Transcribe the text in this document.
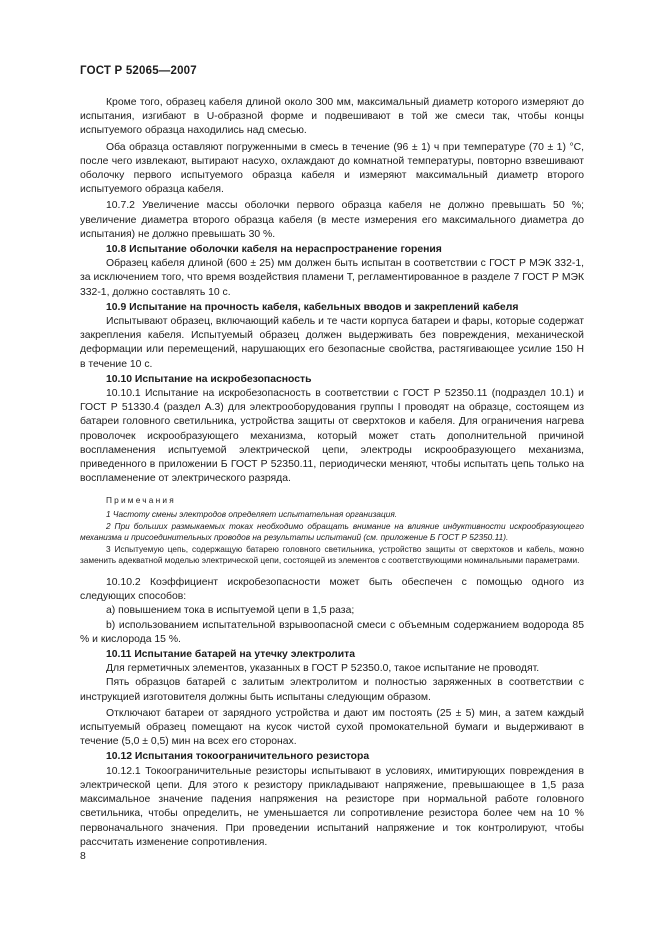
ГОСТ Р 52065—2007

Кроме того, образец кабеля длиной около 300 мм, максимальный диаметр которого измеряют до испытания, изгибают в U-образной форме и подвешивают в той же смеси так, чтобы концы испытуемого образца находились над смесью.

Оба образца оставляют погруженными в смесь в течение (96 ± 1) ч при температуре (70 ± 1) °С, после чего извлекают, вытирают насухо, охлаждают до комнатной температуры, повторно взвешивают оболочку первого испытуемого образца кабеля и измеряют максимальный диаметр второго испытуемого образца кабеля.

10.7.2 Увеличение массы оболочки первого образца кабеля не должно превышать 50 %; увеличение диаметра второго образца кабеля (в месте измерения его максимального диаметра до испытания) не должно превышать 30 %.

10.8 Испытание оболочки кабеля на нераспространение горения

Образец кабеля длиной (600 ± 25) мм должен быть испытан в соответствии с ГОСТ Р МЭК 332-1, за исключением того, что время воздействия пламени Т, регламентированное в разделе 7 ГОСТ Р МЭК 332-1, должно составлять 10 с.

10.9 Испытание на прочность кабеля, кабельных вводов и закреплений кабеля

Испытывают образец, включающий кабель и те части корпуса батареи и фары, которые содержат закрепления кабеля. Испытуемый образец должен выдерживать без повреждения, механической деформации или перемещений, нарушающих его безопасные свойства, растягивающее усилие 150 Н в течение 10 с.

10.10 Испытание на искробезопасность

10.10.1 Испытание на искробезопасность в соответствии с ГОСТ Р 52350.11 (подраздел 10.1) и ГОСТ Р 51330.4 (раздел А.3) для электрооборудования группы I проводят на образце, состоящем из батареи головного светильника, устройства защиты от сверхтоков и кабеля. Для ограничения нагрева проволочек искрообразующего механизма, который может стать дополнительной причиной воспламенения испытуемой электрической цепи, электроды искрообразующего механизма, приведенного в приложении Б ГОСТ Р 52350.11, периодически меняют, чтобы испытать цепь только на воспламенение от электрического разряда.

Примечания

1 Частоту смены электродов определяет испытательная организация.

2 При больших размыкаемых токах необходимо обращать внимание на влияние индуктивности искрообразующего механизма и присоединительных проводов на результаты испытаний (см. приложение Б ГОСТ Р 52350.11).

3 Испытуемую цепь, содержащую батарею головного светильника, устройство защиты от сверхтоков и кабель, можно заменить адекватной моделью электрической цепи, состоящей из элементов с соответствующими номинальными параметрами.

10.10.2 Коэффициент искробезопасности может быть обеспечен с помощью одного из следующих способов:

a) повышением тока в испытуемой цепи в 1,5 раза;

b) использованием испытательной взрывоопасной смеси с объемным содержанием водорода 85 % и кислорода 15 %.

10.11 Испытание батарей на утечку электролита

Для герметичных элементов, указанных в ГОСТ Р 52350.0, такое испытание не проводят.

Пять образцов батарей с залитым электролитом и полностью заряженных в соответствии с инструкцией изготовителя должны быть испытаны следующим образом.

Отключают батареи от зарядного устройства и дают им постоять (25 ± 5) мин, а затем каждый испытуемый образец помещают на кусок чистой сухой промокательной бумаги и выдерживают в течение (5,0 ± 0,5) мин на всех его сторонах.

10.12 Испытания токоограничительного резистора

10.12.1 Токоограничительные резисторы испытывают в условиях, имитирующих повреждения в электрической цепи. Для этого к резистору прикладывают напряжение, превышающее в 1,5 раза максимальное значение падения напряжения на резисторе при нормальной работе головного светильника, чтобы определить, не уменьшается ли сопротивление резистора более чем на 10 % первоначального значения. При проведении испытаний напряжение и ток контролируют, чтобы рассчитать изменение сопротивления.

8
